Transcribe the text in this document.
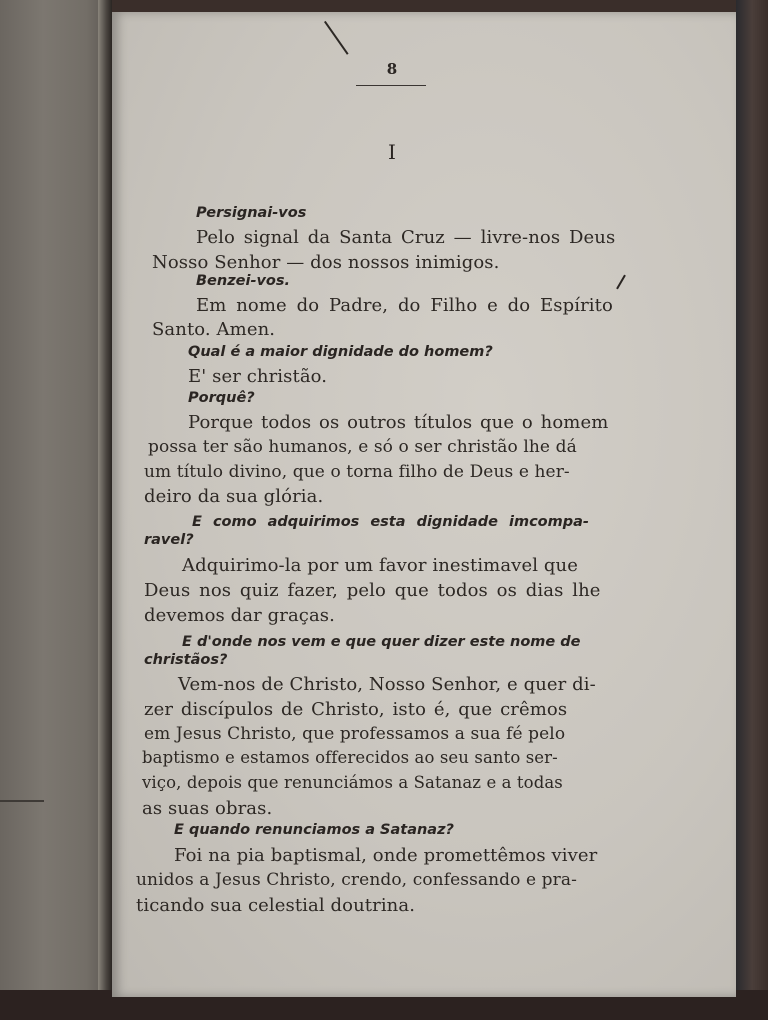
8
I
Persignai-vos
Pelo signal da Santa Cruz — livre-nos Deus
Nosso Senhor — dos nossos inimigos.
Benzei-vos.
Em nome do Padre, do Filho e do Espírito
Santo. Amen.
Qual é a maior dignidade do homem?
E' ser christão.
Porquê?
Porque todos os outros títulos que o homem
possa ter são humanos, e só o ser christão lhe dá
um título divino, que o torna filho de Deus e her-
deiro da sua glória.
E como adquirimos esta dignidade imcompa-
ravel?
Adquirimo-la por um favor inestimavel que
Deus nos quiz fazer, pelo que todos os dias lhe
devemos dar graças.
E d'onde nos vem e que quer dizer este nome de
christãos?
Vem-nos de Christo, Nosso Senhor, e quer di-
zer discípulos de Christo, isto é, que crêmos
em Jesus Christo, que professamos a sua fé pelo
baptismo e estamos offerecidos ao seu santo ser-
viço, depois que renunciámos a Satanaz e a todas
as suas obras.
E quando renunciamos a Satanaz?
Foi na pia baptismal, onde promettêmos viver
unidos a Jesus Christo, crendo, confessando e pra-
ticando sua celestial doutrina.
